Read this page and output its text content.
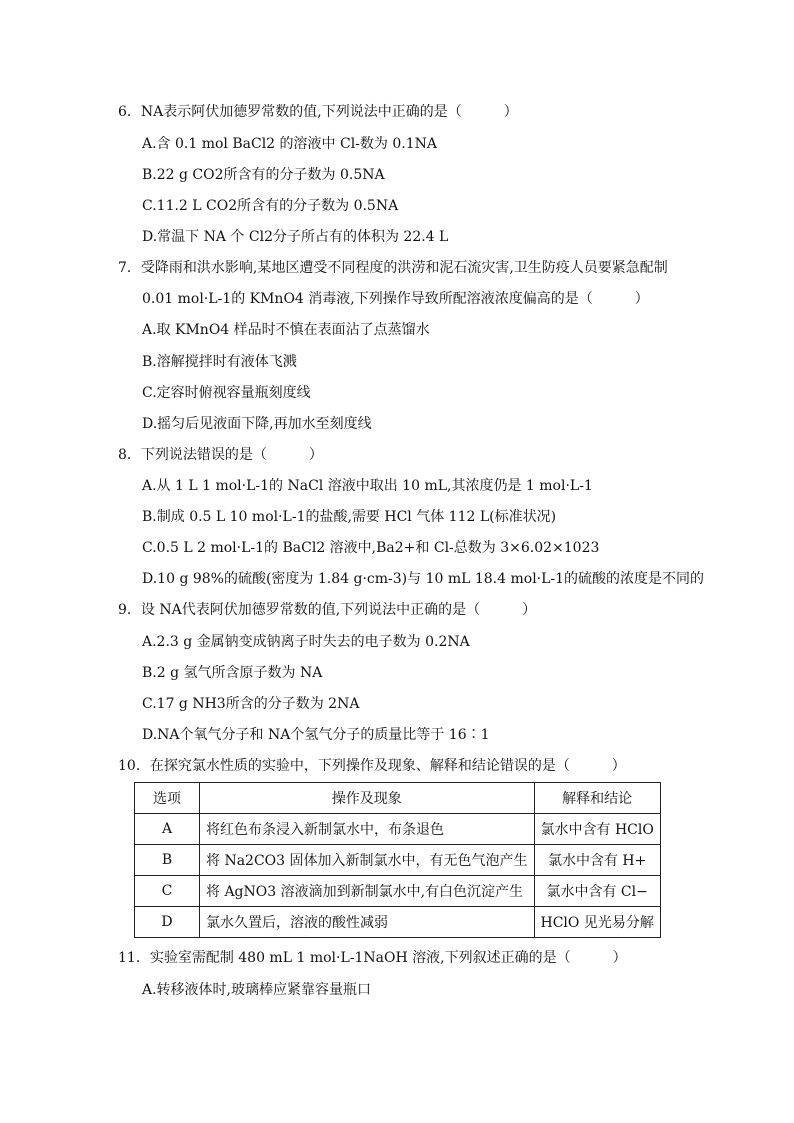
6．NA表示阿伏加德罗常数的值,下列说法中正确的是（　　　）
A.含 0.1 mol BaCl2 的溶液中 Cl-数为 0.1NA
B.22 g CO2所含有的分子数为 0.5NA
C.11.2 L CO2所含有的分子数为 0.5NA
D.常温下 NA 个 Cl2分子所占有的体积为 22.4 L
7．受降雨和洪水影响,某地区遭受不同程度的洪涝和泥石流灾害,卫生防疫人员要紧急配制
0.01 mol·L-1的 KMnO4 消毒液,下列操作导致所配溶液浓度偏高的是（　　　）
A.取 KMnO4 样品时不慎在表面沾了点蒸馏水
B.溶解搅拌时有液体飞溅
C.定容时俯视容量瓶刻度线
D.摇匀后见液面下降,再加水至刻度线
8．下列说法错误的是（　　　）
A.从 1 L 1 mol·L-1的 NaCl 溶液中取出 10 mL,其浓度仍是 1 mol·L-1
B.制成 0.5 L 10 mol·L-1的盐酸,需要 HCl 气体 112 L(标准状况)
C.0.5 L 2 mol·L-1的 BaCl2 溶液中,Ba2+和 Cl-总数为 3×6.02×1023
D.10 g 98%的硫酸(密度为 1.84 g·cm-3)与 10 mL 18.4 mol·L-1的硫酸的浓度是不同的
9．设 NA代表阿伏加德罗常数的值,下列说法中正确的是（　　　）
A.2.3 g 金属钠变成钠离子时失去的电子数为 0.2NA
B.2 g 氢气所含原子数为 NA
C.17 g NH3所含的分子数为 2NA
D.NA个氧气分子和 NA个氢气分子的质量比等于 16∶1
10．在探究氯水性质的实验中，下列操作及现象、解释和结论错误的是（　　　）
选项	操作及现象	解释和结论
A	将红色布条浸入新制氯水中，布条退色	氯水中含有 HClO
B	将 Na2CO3 固体加入新制氯水中，有无色气泡产生	氯水中含有 H+
C	将 AgNO3 溶液滴加到新制氯水中,有白色沉淀产生	氯水中含有 Cl−
D	氯水久置后，溶液的酸性减弱	HClO 见光易分解
11．实验室需配制 480 mL 1 mol·L-1NaOH 溶液,下列叙述正确的是（　　　）
A.转移液体时,玻璃棒应紧靠容量瓶口
